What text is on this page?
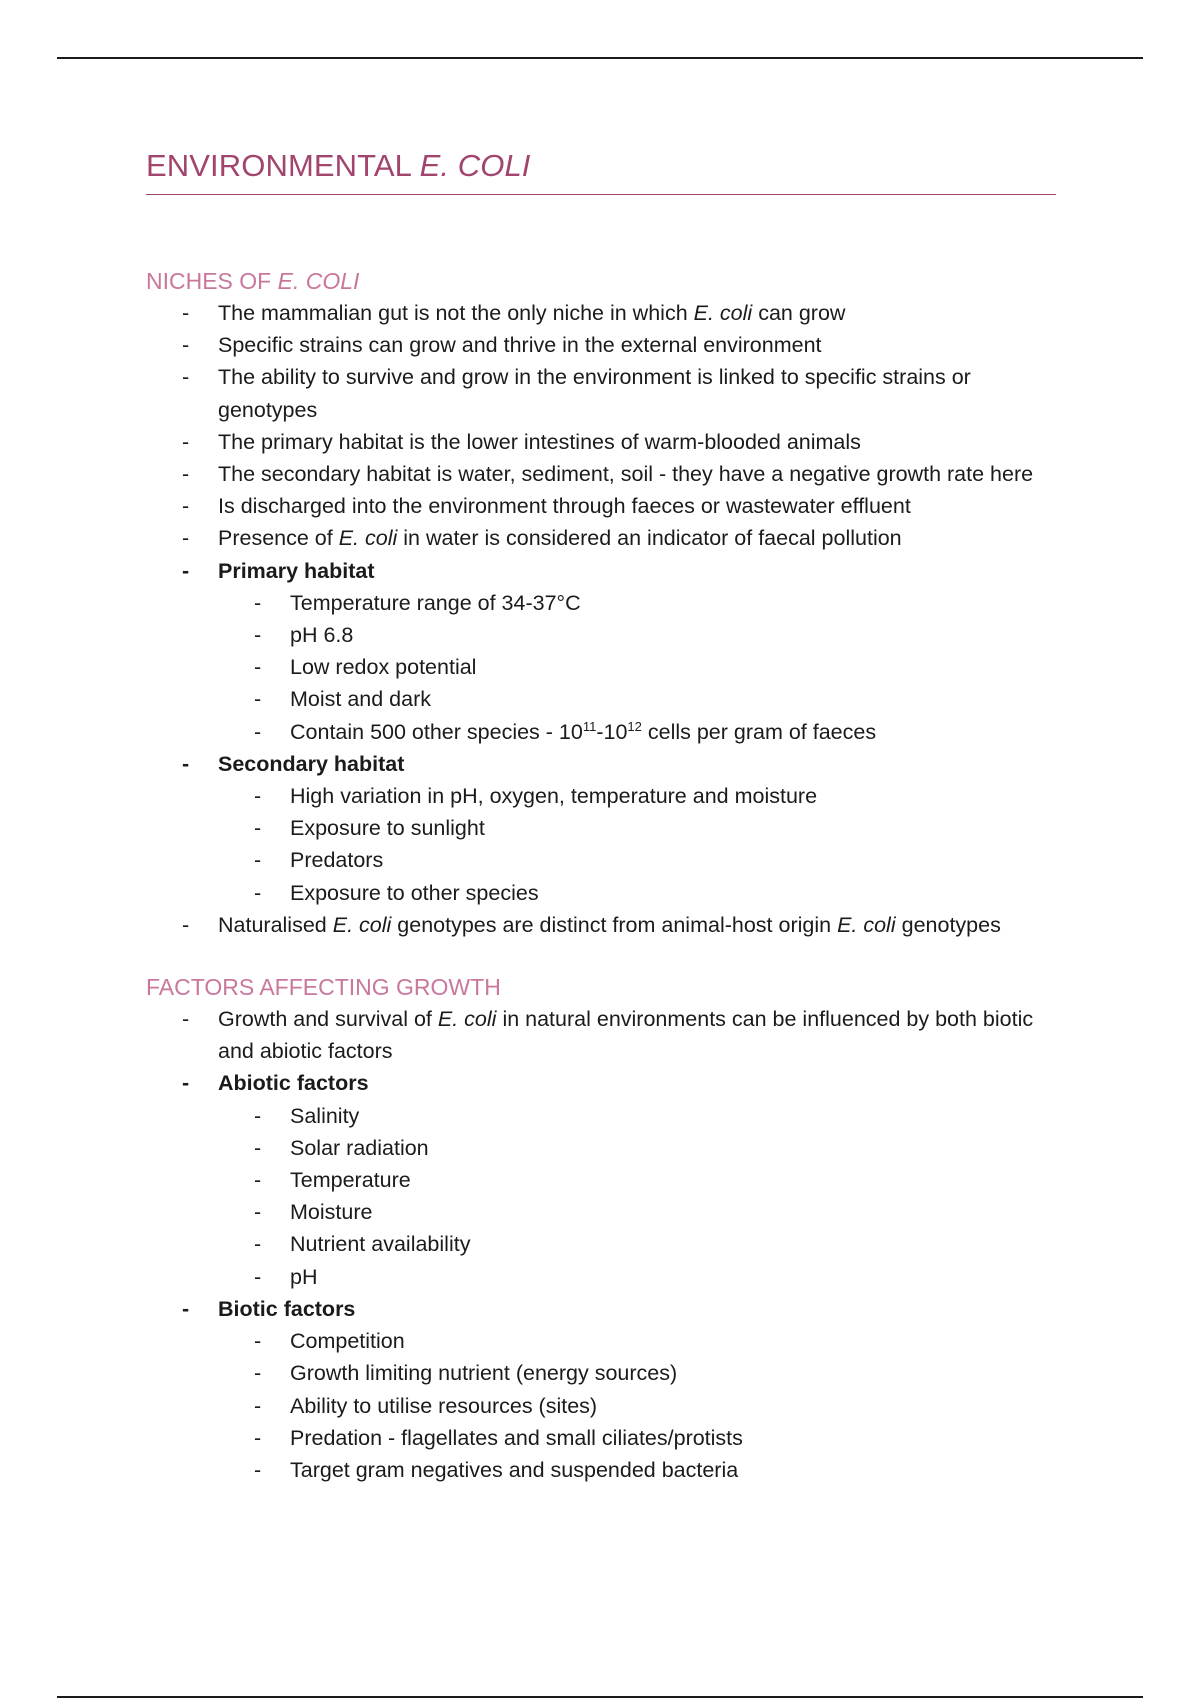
ENVIRONMENTAL E. COLI
NICHES OF E. COLI
- The mammalian gut is not the only niche in which E. coli can grow
- Specific strains can grow and thrive in the external environment
- The ability to survive and grow in the environment is linked to specific strains or genotypes
- The primary habitat is the lower intestines of warm-blooded animals
- The secondary habitat is water, sediment, soil - they have a negative growth rate here
- Is discharged into the environment through faeces or wastewater effluent
- Presence of E. coli in water is considered an indicator of faecal pollution
- Primary habitat
- Temperature range of 34-37°C
- pH 6.8
- Low redox potential
- Moist and dark
- Contain 500 other species - $10^{11}-10^{12}$ cells per gram of faeces
- Secondary habitat
- High variation in pH, oxygen, temperature and moisture
- Exposure to sunlight
- Predators
- Exposure to other species
- Naturalised E. coli genotypes are distinct from animal-host origin E. coli genotypes
FACTORS AFFECTING GROWTH
- Growth and survival of E. coli in natural environments can be influenced by both biotic and abiotic factors
- Abiotic factors
- Salinity
- Solar radiation
- Temperature
- Moisture
- Nutrient availability
- pH
- Biotic factors
- Competition
- Growth limiting nutrient (energy sources)
- Ability to utilise resources (sites)
- Predation - flagellates and small ciliates/protists
- Target gram negatives and suspended bacteria
